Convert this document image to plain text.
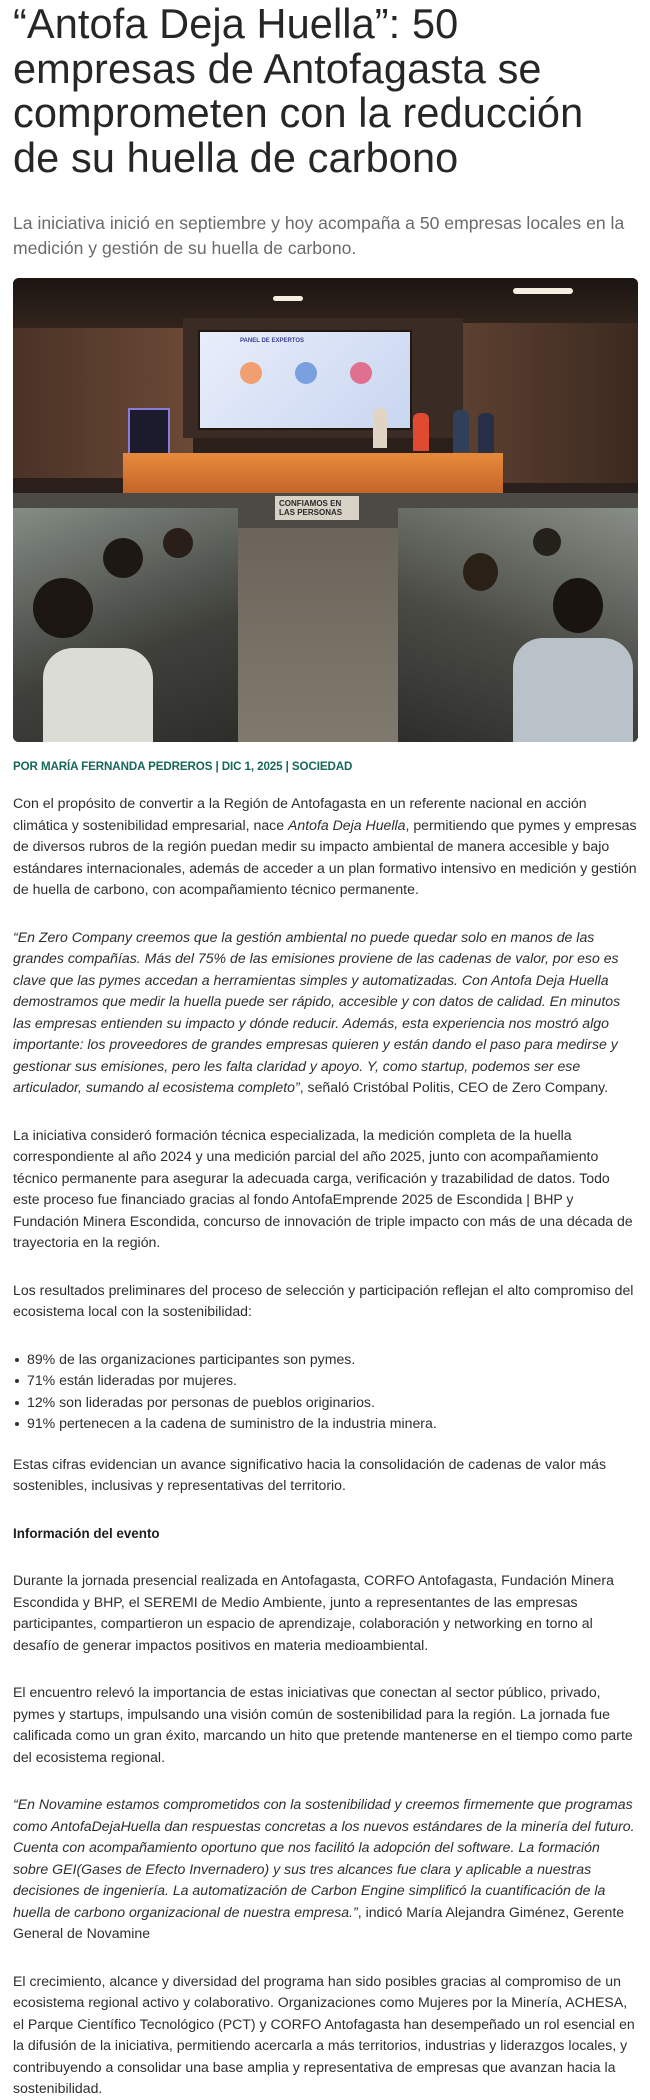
“Antofa Deja Huella”: 50 empresas de Antofagasta se comprometen con la reducción de su huella de carbono

La iniciativa inició en septiembre y hoy acompaña a 50 empresas locales en la medición y gestión de su huella de carbono.

PANEL DE EXPERTOS
CONFIAMOS EN LAS PERSONAS
POR MARÍA FERNANDA PEDREROS | DIC 1, 2025 | SOCIEDAD

Con el propósito de convertir a la Región de Antofagasta en un referente nacional en acción climática y sostenibilidad empresarial, nace Antofa Deja Huella, permitiendo que pymes y empresas de diversos rubros de la región puedan medir su impacto ambiental de manera accesible y bajo estándares internacionales, además de acceder a un plan formativo intensivo en medición y gestión de huella de carbono, con acompañamiento técnico permanente.

“En Zero Company creemos que la gestión ambiental no puede quedar solo en manos de las grandes compañías. Más del 75% de las emisiones proviene de las cadenas de valor, por eso es clave que las pymes accedan a herramientas simples y automatizadas. Con Antofa Deja Huella demostramos que medir la huella puede ser rápido, accesible y con datos de calidad. En minutos las empresas entienden su impacto y dónde reducir. Además, esta experiencia nos mostró algo importante: los proveedores de grandes empresas quieren y están dando el paso para medirse y gestionar sus emisiones, pero les falta claridad y apoyo. Y, como startup, podemos ser ese articulador, sumando al ecosistema completo”, señaló Cristóbal Politis, CEO de Zero Company.

La iniciativa consideró formación técnica especializada, la medición completa de la huella correspondiente al año 2024 y una medición parcial del año 2025, junto con acompañamiento técnico permanente para asegurar la adecuada carga, verificación y trazabilidad de datos. Todo este proceso fue financiado gracias al fondo AntofaEmprende 2025 de Escondida | BHP y Fundación Minera Escondida, concurso de innovación de triple impacto con más de una década de trayectoria en la región.

Los resultados preliminares del proceso de selección y participación reflejan el alto compromiso del ecosistema local con la sostenibilidad:

89% de las organizaciones participantes son pymes.
71% están lideradas por mujeres.
12% son lideradas por personas de pueblos originarios.
91% pertenecen a la cadena de suministro de la industria minera.

Estas cifras evidencian un avance significativo hacia la consolidación de cadenas de valor más sostenibles, inclusivas y representativas del territorio.

Información del evento

Durante la jornada presencial realizada en Antofagasta, CORFO Antofagasta, Fundación Minera Escondida y BHP, el SEREMI de Medio Ambiente, junto a representantes de las empresas participantes, compartieron un espacio de aprendizaje, colaboración y networking en torno al desafío de generar impactos positivos en materia medioambiental.

El encuentro relevó la importancia de estas iniciativas que conectan al sector público, privado, pymes y startups, impulsando una visión común de sostenibilidad para la región. La jornada fue calificada como un gran éxito, marcando un hito que pretende mantenerse en el tiempo como parte del ecosistema regional.

“En Novamine estamos comprometidos con la sostenibilidad y creemos firmemente que programas como AntofaDejaHuella dan respuestas concretas a los nuevos estándares de la minería del futuro. Cuenta con acompañamiento oportuno que nos facilitó la adopción del software. La formación sobre GEI(Gases de Efecto Invernadero) y sus tres alcances fue clara y aplicable a nuestras decisiones de ingeniería. La automatización de Carbon Engine simplificó la cuantificación de la huella de carbono organizacional de nuestra empresa.”, indicó María Alejandra Giménez, Gerente General de Novamine

El crecimiento, alcance y diversidad del programa han sido posibles gracias al compromiso de un ecosistema regional activo y colaborativo. Organizaciones como Mujeres por la Minería, ACHESA, el Parque Científico Tecnológico (PCT) y CORFO Antofagasta han desempeñado un rol esencial en la difusión de la iniciativa, permitiendo acercarla a más territorios, industrias y liderazgos locales, y contribuyendo a consolidar una base amplia y representativa de empresas que avanzan hacia la sostenibilidad.
